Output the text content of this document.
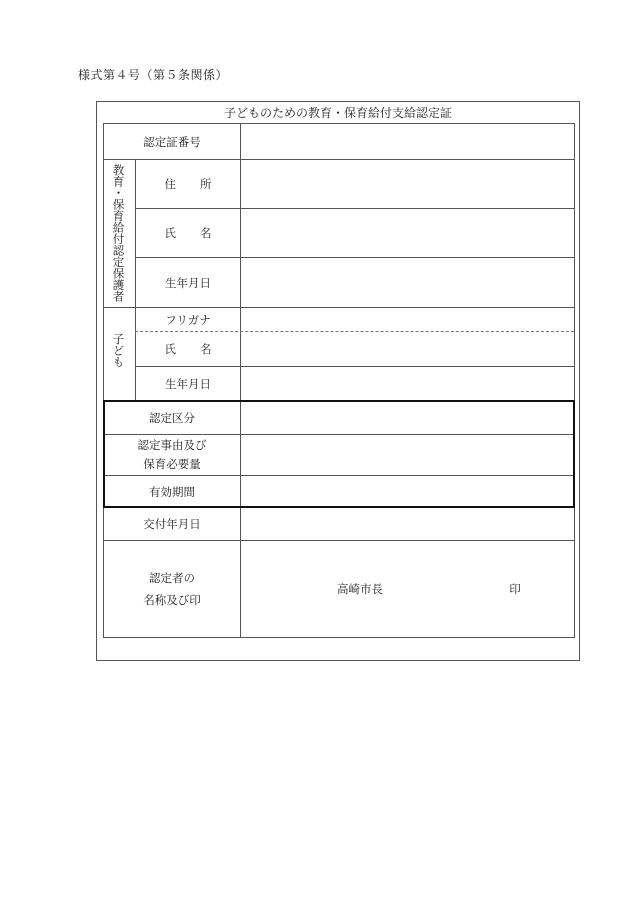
様式第４号（第５条関係）
子どものための教育・保育給付支給認定証
認定証番号
教育・保育給付認定保護者	住 所
氏 名
生年月日
子ども
フリガナ
氏 名
生年月日
認定区分
認定事由及び
保育必要量
有効期間
交付年月日
認定者の
名称及び印
高崎市長	印
